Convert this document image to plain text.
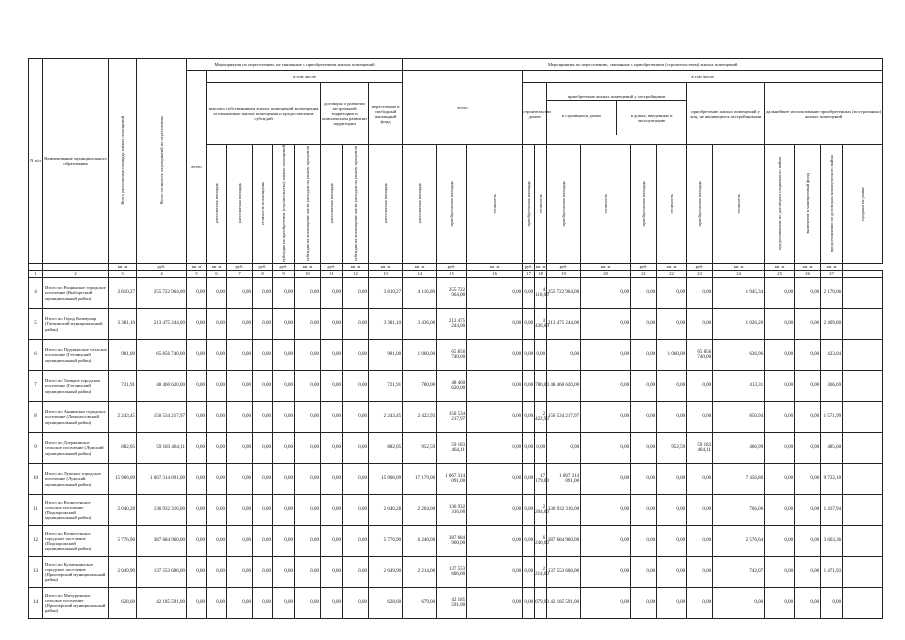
N п/п	Наименование муниципального образования	Всего расселяемая площадь жилых помещений	Всего стоимость мероприятий по переселению	Мероприятия по переселению, не связанные с приобретением жилых помещений									Мероприятия по переселению, связанные с приобретением (строительством) жилых помещений														
				всего	в том числе								всего			в том числе											
					выплата собственникам жилых помещений возмещения за изымаемые жилые помещения и предоставление субсидий					договоры о развитии застроенной территории и комплексном развитии территории		переселение в свободный жилищный фонд				строительство домов		приобретение жилых помещений у застройщиков
в строящихся домах в домах, введенных в эксплуатацию				приобретение жилых помещений у лиц, не являющихся застройщиками		дальнейшее использование приобретенных (построенных) жилых помещений			
					расселяемая площадь	расселяемая площадь	стоимость возмещения	субсидия на приобретение (строительство) жилых помещений	субсидия на возмещение части расходов на уплату процентов	расселяемая площадь	субсидия на возмещение части расходов на уплату процентов	расселяемая площадь	расселяемая площадь	приобретаемая площадь	стоимость	приобретаемая площадь	стоимость	приобретаемая площадь	стоимость	приобретаемая площадь	стоимость	приобретаемая площадь	стоимость	предоставление по договорам социального найма	включение в маневренный фонд	предоставление по договорам коммерческого найма	продажа на рынке
		кв. м	руб.	кв. м	кв. м	руб.	руб.	руб.	кв. м	руб.	кв. м	кв. м	кв. м	руб.	кв. м	руб.	кв. м	руб.	кв. м	руб.	кв. м	руб.	кв. м	кв. м	кв. м	кв. м	
1	2	3	4	5	6	7	8	9	10	11	12	13	14	15	16	17	18	19	20	21	22	23	24	25	26	27	
4	Итого по Рощинское городское поселение (Выборгский муниципальный район)	3 810,27	255 722 964,00	0,00	0,00	0,00	0,00	0,00	0,00	0,00	0,00	3 810,27	4 116,00	255 722 964,00	0,00	0,00	4 116,00	255 722 964,00	0,00	0,00	0,00	0,00	1 945,34	0,00	0,00	2 170,66	
5	Итого по Город Коммунар (Гатчинский муниципальный район)	3 381,10	213 475 244,00	0,00	0,00	0,00	0,00	0,00	0,00	0,00	0,00	3 381,10	3 436,00	213 475 244,00	0,00	0,00	3 436,00	213 475 244,00	0,00	0,00	0,00	0,00	1 026,20	0,00	0,00	2 409,80	
6	Итого по Пудомягское сельское поселение (Гатчинский муниципальный район)	981,00	65 856 740,00	0,00	0,00	0,00	0,00	0,00	0,00	0,00	0,00	981,00	1 060,00	65 856 740,00	0,00	0,00	0,00	0,00	0,00	0,00	1 060,00	65 856 740,00	636,96	0,00	0,00	423,04	
7	Итого по Таицкое городское поселение (Гатчинский муниципальный район)	721,91	48 460 620,00	0,00	0,00	0,00	0,00	0,00	0,00	0,00	0,00	721,91	780,00	48 460 620,00	0,00	0,00	780,00	48 460 620,00	0,00	0,00	0,00	0,00	413,31	0,00	0,00	366,69	
8	Итого по Аннинское городское поселение (Ломоносовский муниципальный район)	2 243,45	150 534 217,97	0,00	0,00	0,00	0,00	0,00	0,00	0,00	0,00	2 243,45	2 422,93	150 534 217,97	0,00	0,00	2 422,93	150 534 217,97	0,00	0,00	0,00	0,00	850,94	0,00	0,00	1 571,99	
9	Итого по Дзержинское сельское поселение (Лужский муниципальный район)	882,05	59 183 464,11	0,00	0,00	0,00	0,00	0,00	0,00	0,00	0,00	882,05	952,59	59 183 464,11	0,00	0,00	0,00	0,00	0,00	0,00	952,59	59 183 464,11	466,99	0,00	0,00	485,60	
10	Итого по Лужское городское поселение (Лужский муниципальный район)	15 906,09	1 067 314 091,00	0,00	0,00	0,00	0,00	0,00	0,00	0,00	0,00	15 906,09	17 179,00	1 067 314 091,00	0,00	0,00	17 179,00	1 067 314 091,00	0,00	0,00	0,00	0,00	7 456,80	0,00	0,00	9 722,10	
11	Итого по Вознесенское сельское поселение (Подпорожский муниципальный район)	2 040,28	136 932 316,00	0,00	0,00	0,00	0,00	0,00	0,00	0,00	0,00	2 040,28	2 204,00	136 932 316,00	0,00	0,00	2 204,00	136 932 316,00	0,00	0,00	0,00	0,00	766,06	0,00	0,00	1 437,94	
12	Итого по Вознесенское городское поселение (Подпорожский муниципальный район)	5 776,90	387 684 960,00	0,00	0,00	0,00	0,00	0,00	0,00	0,00	0,00	5 776,90	6 240,00	387 684 960,00	0,00	0,00	6 240,00	387 684 960,00	0,00	0,00	0,00	0,00	2 576,64	0,00	0,00	3 663,36	
13	Итого по Кузнечнинское городское поселение (Приозерский муниципальный район)	2 049,90	137 553 606,00	0,00	0,00	0,00	0,00	0,00	0,00	0,00	0,00	2 049,90	2 214,00	137 553 606,00	0,00	0,00	2 214,00	137 553 606,00	0,00	0,00	0,00	0,00	742,07	0,00	0,00	1 471,93	
14	Итого по Мичуринское сельское поселение (Приозерский муниципальный район)	628,60	42 185 591,00	0,00	0,00	0,00	0,00	0,00	0,00	0,00	0,00	628,60	679,00	42 185 591,00	0,00	0,00	679,00	42 185 591,00	0,00	0,00	0,00	0,00	0,00	0,00	0,00	0,00	
